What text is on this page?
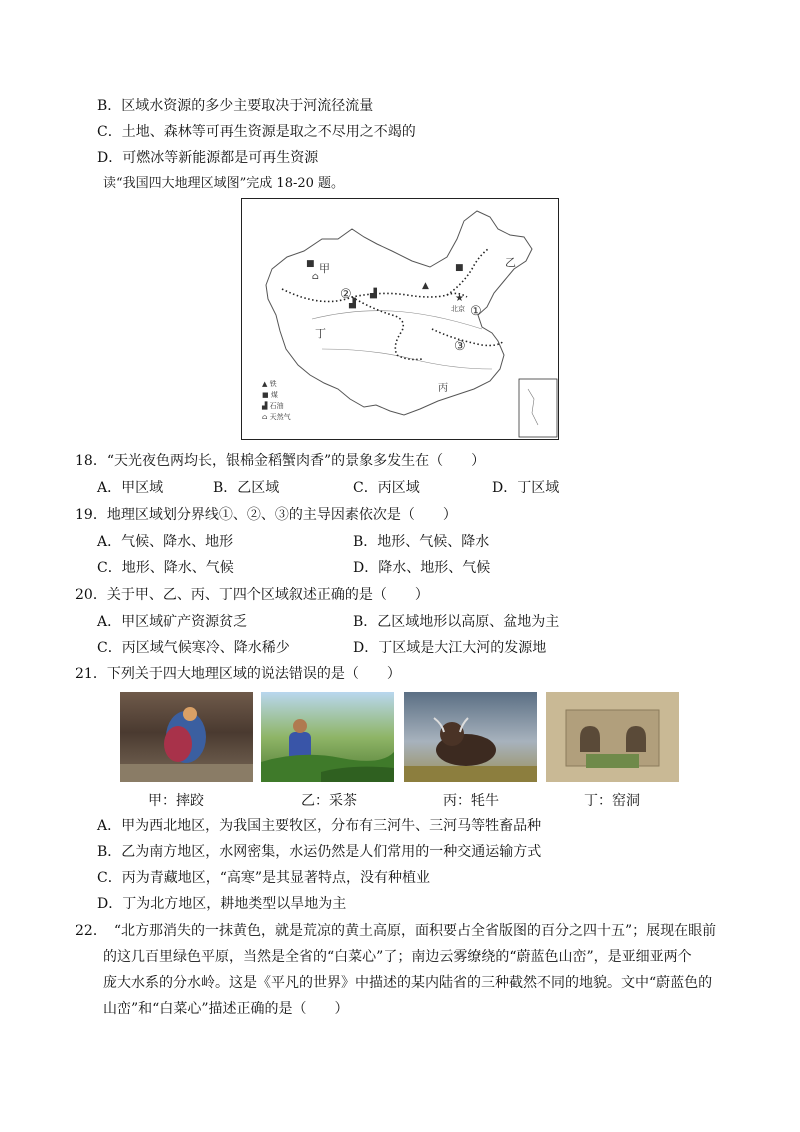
B．区域水资源的多少主要取决于河流径流量
C．土地、森林等可再生资源是取之不尽用之不竭的
D．可燃冰等新能源都是可再生资源
读“我国四大地理区域图”完成 18-20 题。
甲	乙
丙
丁
①
②
③
★
北京
■	■
▲
▟
▟
⌂
▲ 铁
■ 煤
▟ 石油
⌂ 天然气
18．“天光夜色两均长，银棉金稻蟹肉香”的景象多发生在（　　）
A．甲区域	B．乙区域	C．丙区域	D．丁区域
19．地理区域划分界线①、②、③的主导因素依次是（　　）
A．气候、降水、地形	B．地形、气候、降水
C．地形、降水、气候	D．降水、地形、气候
20．关于甲、乙、丙、丁四个区域叙述正确的是（　　）
A．甲区域矿产资源贫乏	B．乙区域地形以高原、盆地为主
C．丙区域气候寒冷、降水稀少	D．丁区域是大江大河的发源地
21．下列关于四大地理区域的说法错误的是（　　）
甲：摔跤	乙：采茶	丙：牦牛	丁：窑洞
A．甲为西北地区，为我国主要牧区，分布有三河牛、三河马等牲畜品种
B．乙为南方地区，水网密集，水运仍然是人们常用的一种交通运输方式
C．丙为青藏地区，“高寒”是其显著特点，没有种植业
D．丁为北方地区，耕地类型以旱地为主
22．　“北方那消失的一抹黄色，就是荒凉的黄土高原，面积要占全省版图的百分之四十五”；展现在眼前
的这几百里绿色平原，当然是全省的“白菜心”了；南边云雾缭绕的“蔚蓝色山峦”，是亚细亚两个
庞大水系的分水岭。这是《平凡的世界》中描述的某内陆省的三种截然不同的地貌。文中“蔚蓝色的
山峦”和“白菜心”描述正确的是（　　）
